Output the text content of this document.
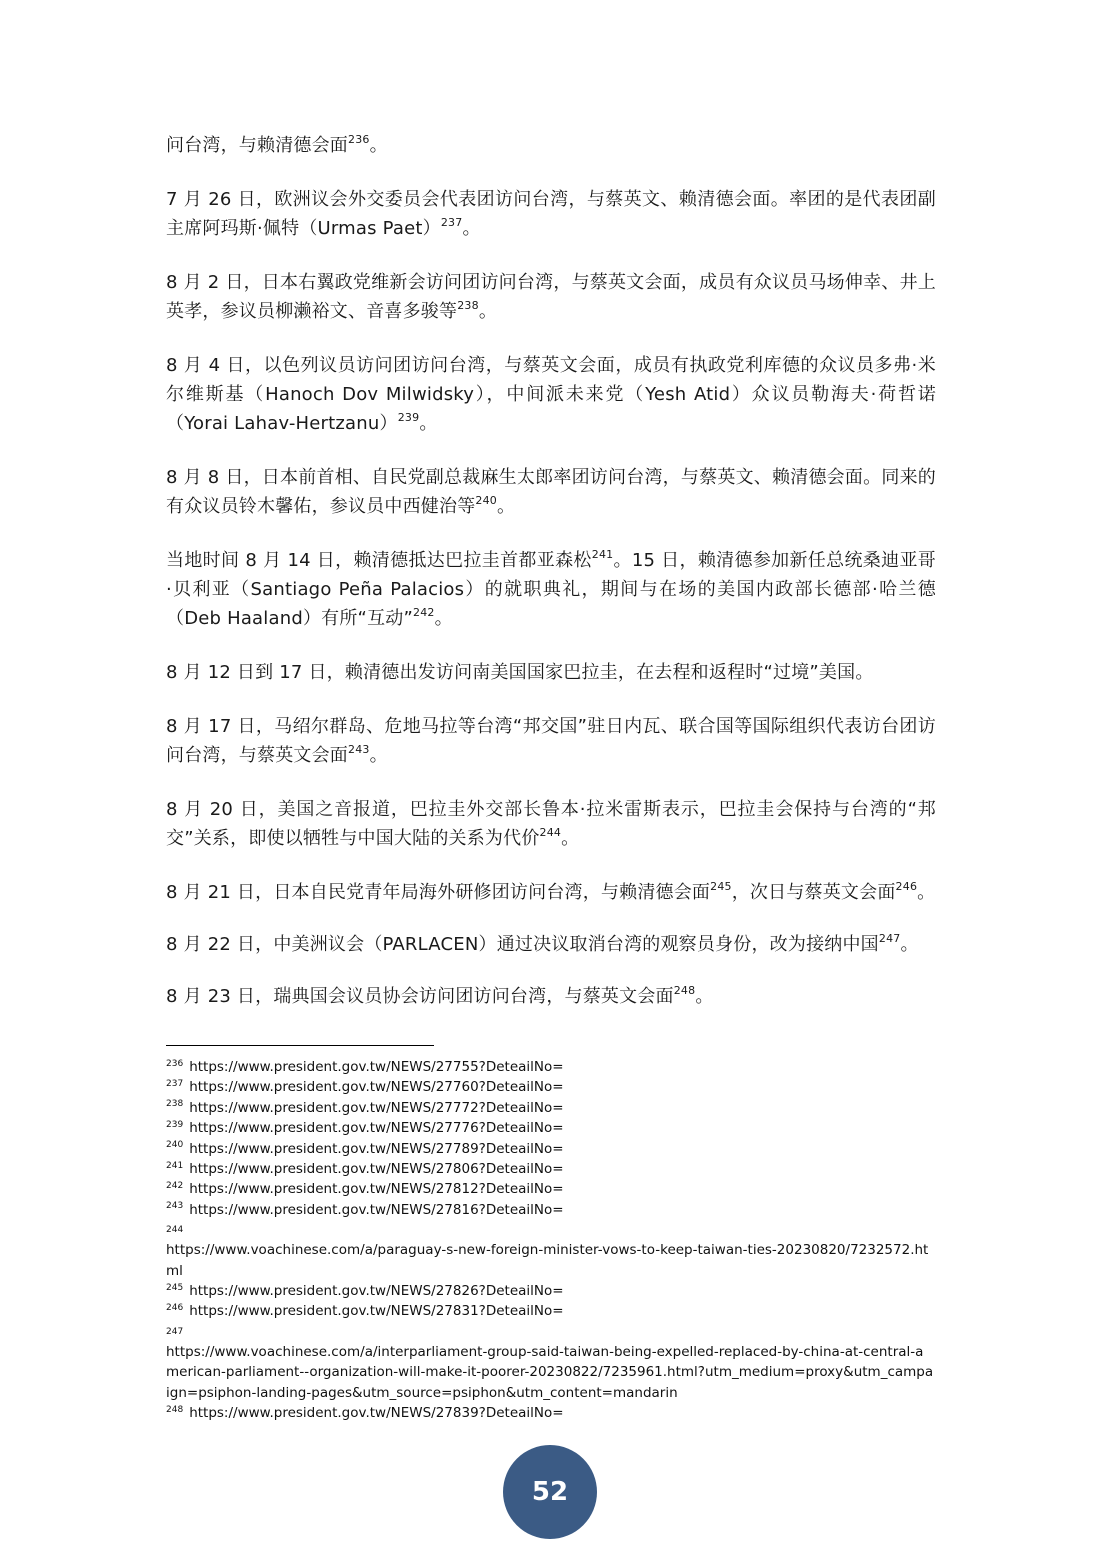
问台湾，与赖清德会面$^{236}$。

7 月 26 日，欧洲议会外交委员会代表团访问台湾，与蔡英文、赖清德会面。率团的是代表团副主席阿玛斯·佩特（Urmas Paet）$^{237}$。

8 月 2 日，日本右翼政党维新会访问团访问台湾，与蔡英文会面，成员有众议员马场伸幸、井上英孝，参议员柳濑裕文、音喜多骏等$^{238}$。

8 月 4 日，以色列议员访问团访问台湾，与蔡英文会面，成员有执政党利库德的众议员多弗·米尔维斯基（Hanoch Dov Milwidsky），中间派未来党（Yesh Atid）众议员勒海夫·荷哲诺（Yorai Lahav-Hertzanu）$^{239}$。

8 月 8 日，日本前首相、自民党副总裁麻生太郎率团访问台湾，与蔡英文、赖清德会面。同来的有众议员铃木馨佑，参议员中西健治等$^{240}$。

当地时间 8 月 14 日，赖清德抵达巴拉圭首都亚森松$^{241}$。15 日，赖清德参加新任总统桑迪亚哥·贝利亚（Santiago Peña Palacios）的就职典礼，期间与在场的美国内政部长德部·哈兰德（Deb Haaland）有所“互动”$^{242}$。

8 月 12 日到 17 日，赖清德出发访问南美国国家巴拉圭，在去程和返程时“过境”美国。

8 月 17 日，马绍尔群岛、危地马拉等台湾“邦交国”驻日内瓦、联合国等国际组织代表访台团访问台湾，与蔡英文会面$^{243}$。

8 月 20 日，美国之音报道，巴拉圭外交部长鲁本·拉米雷斯表示，巴拉圭会保持与台湾的“邦交”关系，即使以牺牲与中国大陆的关系为代价$^{244}$。

8 月 21 日，日本自民党青年局海外研修团访问台湾，与赖清德会面$^{245}$，次日与蔡英文会面$^{246}$。

8 月 22 日，中美洲议会（PARLACEN）通过决议取消台湾的观察员身份，改为接纳中国$^{247}$。

8 月 23 日，瑞典国会议员协会访问团访问台湾，与蔡英文会面$^{248}$。

$^{236}$ https://www.president.gov.tw/NEWS/27755?DeteailNo=

$^{237}$ https://www.president.gov.tw/NEWS/27760?DeteailNo=

$^{238}$ https://www.president.gov.tw/NEWS/27772?DeteailNo=

$^{239}$ https://www.president.gov.tw/NEWS/27776?DeteailNo=

$^{240}$ https://www.president.gov.tw/NEWS/27789?DeteailNo=

$^{241}$ https://www.president.gov.tw/NEWS/27806?DeteailNo=

$^{242}$ https://www.president.gov.tw/NEWS/27812?DeteailNo=

$^{243}$ https://www.president.gov.tw/NEWS/27816?DeteailNo=

244
https://www.voachinese.com/a/paraguay-s-new-foreign-minister-vows-to-keep-taiwan-ties-20230820/7232572.html

$^{245}$ https://www.president.gov.tw/NEWS/27826?DeteailNo=

$^{246}$ https://www.president.gov.tw/NEWS/27831?DeteailNo=

247
https://www.voachinese.com/a/interparliament-group-said-taiwan-being-expelled-replaced-by-china-at-central-american-parliament--organization-will-make-it-poorer-20230822/7235961.html?utm_medium=proxy&utm_campaign=psiphon-landing-pages&utm_source=psiphon&utm_content=mandarin

$^{248}$ https://www.president.gov.tw/NEWS/27839?DeteailNo=

52
